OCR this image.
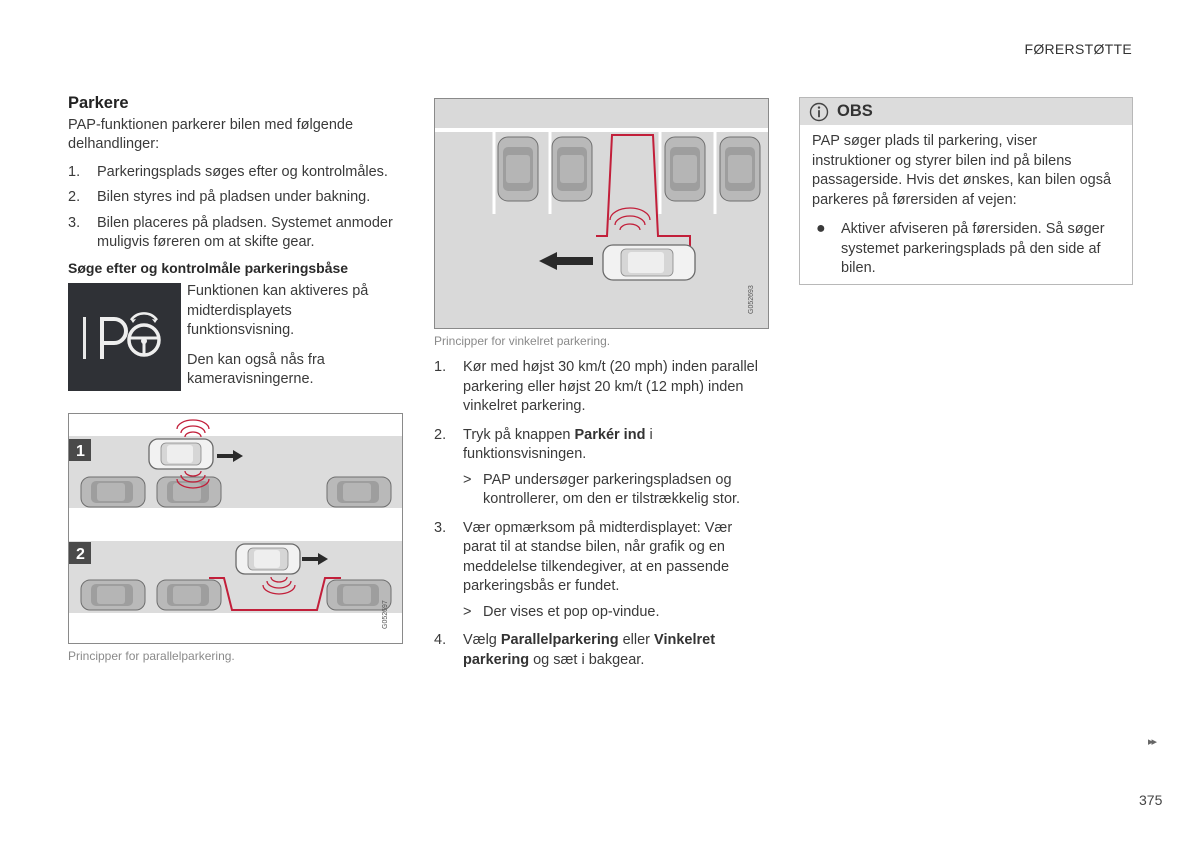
FØRERSTØTTE
Parkere

PAP-funktionen parkerer bilen med følgende delhandlinger:

1. Parkeringsplads søges efter og kontrolmåles.
2. Bilen styres ind på pladsen under bakning.
3. Bilen placeres på pladsen. Systemet anmoder muligvis føreren om at skifte gear.
Søge efter og kontrolmåle parkeringsbåse

Funktionen kan aktiveres på midterdisplayets funktionsvisning.

Den kan også nås fra kameravisningerne.

1
2
G052697
Principper for parallelparkering.
G052693
Principper for vinkelret parkering.
1. Kør med højst 30 km/t (20 mph) inden parallel parkering eller højst 20 km/t (12 mph) inden vinkelret parkering.
2. Tryk på knappen Parkér ind i funktionsvisningen.
> PAP undersøger parkeringspladsen og kontrollerer, om den er tilstrækkelig stor.
3. Vær opmærksom på midterdisplayet: Vær parat til at standse bilen, når grafik og en meddelelse tilkendegiver, at en passende parkeringsbås er fundet.
> Der vises et pop op-vindue.
4. Vælg Parallelparkering eller Vinkelret parkering og sæt i bakgear.
OBS

PAP søger plads til parkering, viser instruktioner og styrer bilen ind på bilens passagerside. Hvis det ønskes, kan bilen også parkeres på førersiden af vejen:

● Aktiver afviseren på førersiden. Så søger systemet parkeringsplads på den side af bilen.
▸▸
375
